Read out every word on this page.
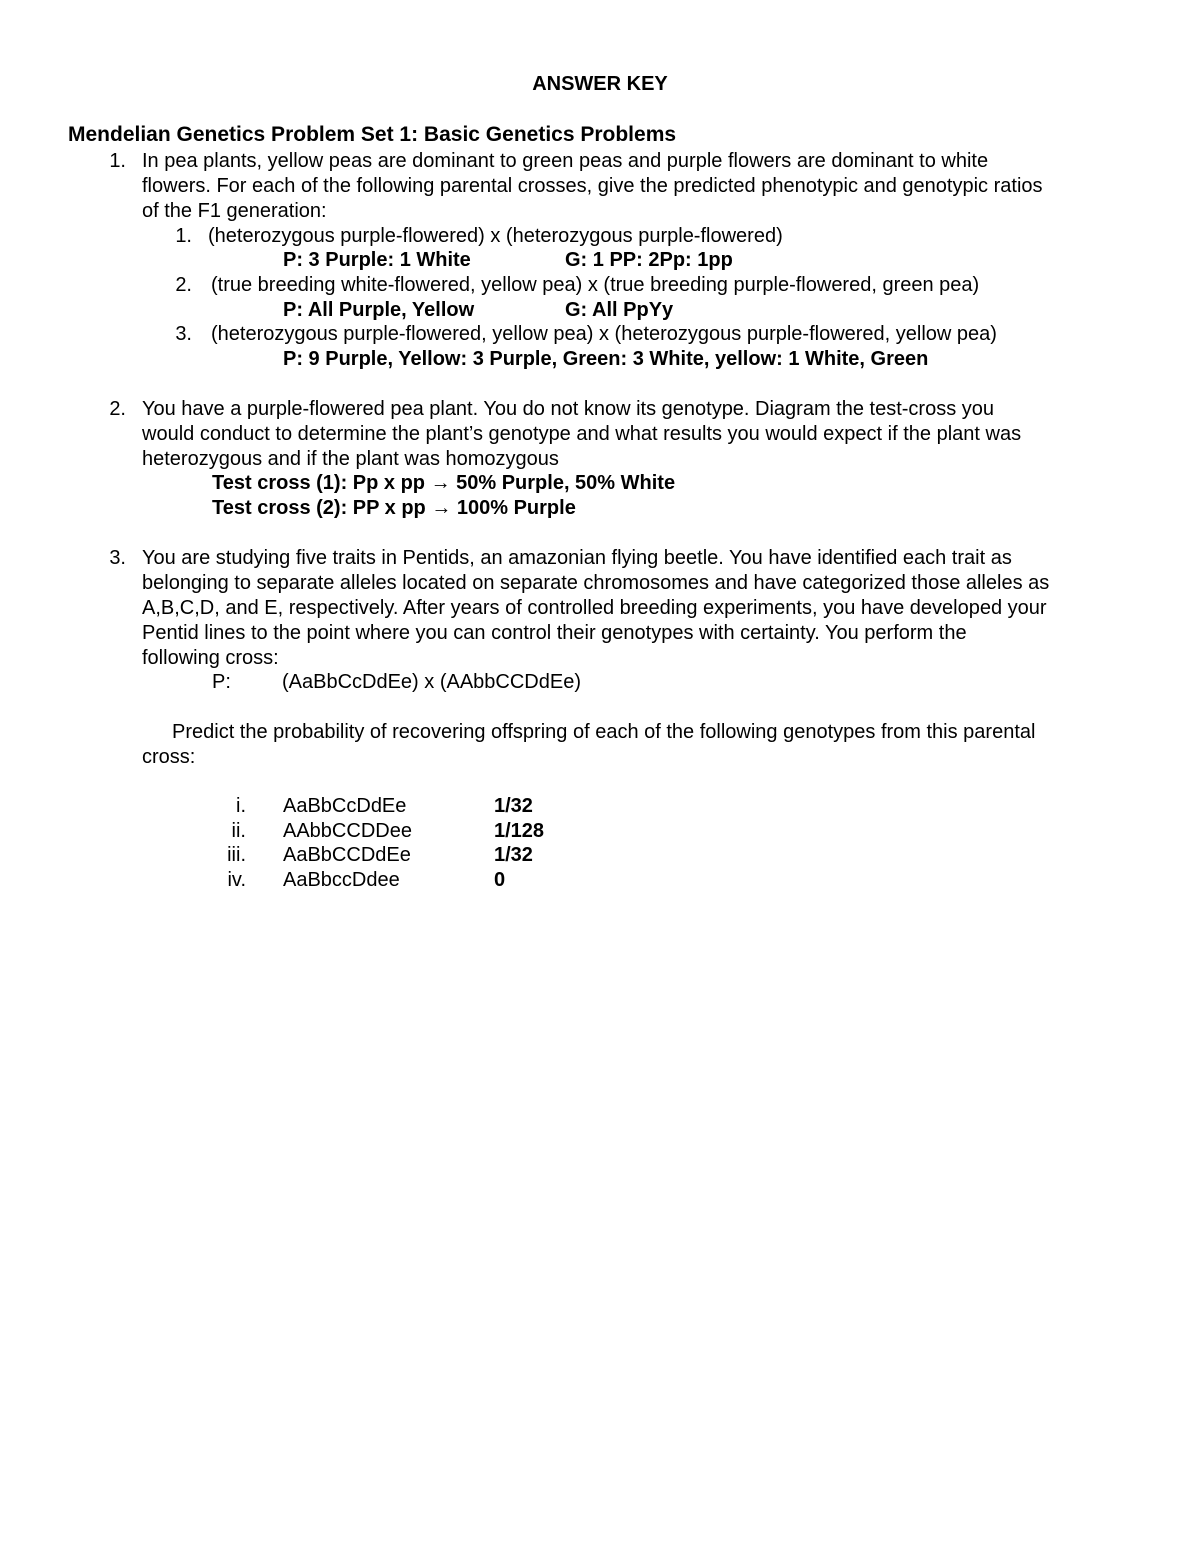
ANSWER KEY
Mendelian Genetics Problem Set 1: Basic Genetics Problems
1. In pea plants, yellow peas are dominant to green peas and purple flowers are dominant to white
flowers. For each of the following parental crosses, give the predicted phenotypic and genotypic ratios
of the F1 generation:
1. (heterozygous purple-flowered) x (heterozygous purple-flowered)
P: 3 Purple: 1 White	G: 1 PP: 2Pp: 1pp
2. (true breeding white-flowered, yellow pea) x (true breeding purple-flowered, green pea)
P: All Purple, Yellow	G: All PpYy
3. (heterozygous purple-flowered, yellow pea) x (heterozygous purple-flowered, yellow pea)
P: 9 Purple, Yellow: 3 Purple, Green: 3 White, yellow: 1 White, Green
2. You have a purple-flowered pea plant. You do not know its genotype. Diagram the test-cross you
would conduct to determine the plant’s genotype and what results you would expect if the plant was
heterozygous and if the plant was homozygous
Test cross (1): Pp x pp → 50% Purple, 50% White
Test cross (2): PP x pp → 100% Purple
3. You are studying five traits in Pentids, an amazonian flying beetle. You have identified each trait as
belonging to separate alleles located on separate chromosomes and have categorized those alleles as
A,B,C,D, and E, respectively. After years of controlled breeding experiments, you have developed your
Pentid lines to the point where you can control their genotypes with certainty. You perform the
following cross:
P:	(AaBbCcDdEe) x (AAbbCCDdEe)
Predict the probability of recovering offspring of each of the following genotypes from this parental
cross:
i. AaBbCcDdEe	1/32
ii. AAbbCCDDee	1/128
iii. AaBbCCDdEe	1/32
iv. AaBbccDdee	0
